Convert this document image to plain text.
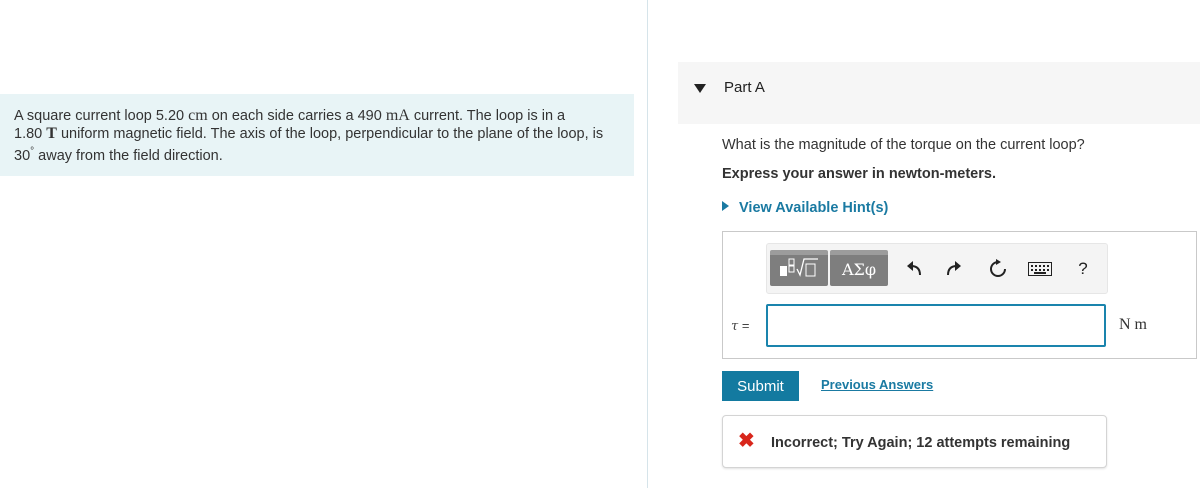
A square current loop 5.20 cm on each side carries a 490 mA current. The loop is in a
1.80 T uniform magnetic field. The axis of the loop, perpendicular to the plane of the loop, is
30° away from the field direction.
Part A
What is the magnitude of the torque on the current loop?
Express your answer in newton-meters.
View Available Hint(s)
ΑΣφ	?
τ =	N m
Submit	Previous Answers
✖ Incorrect; Try Again; 12 attempts remaining
